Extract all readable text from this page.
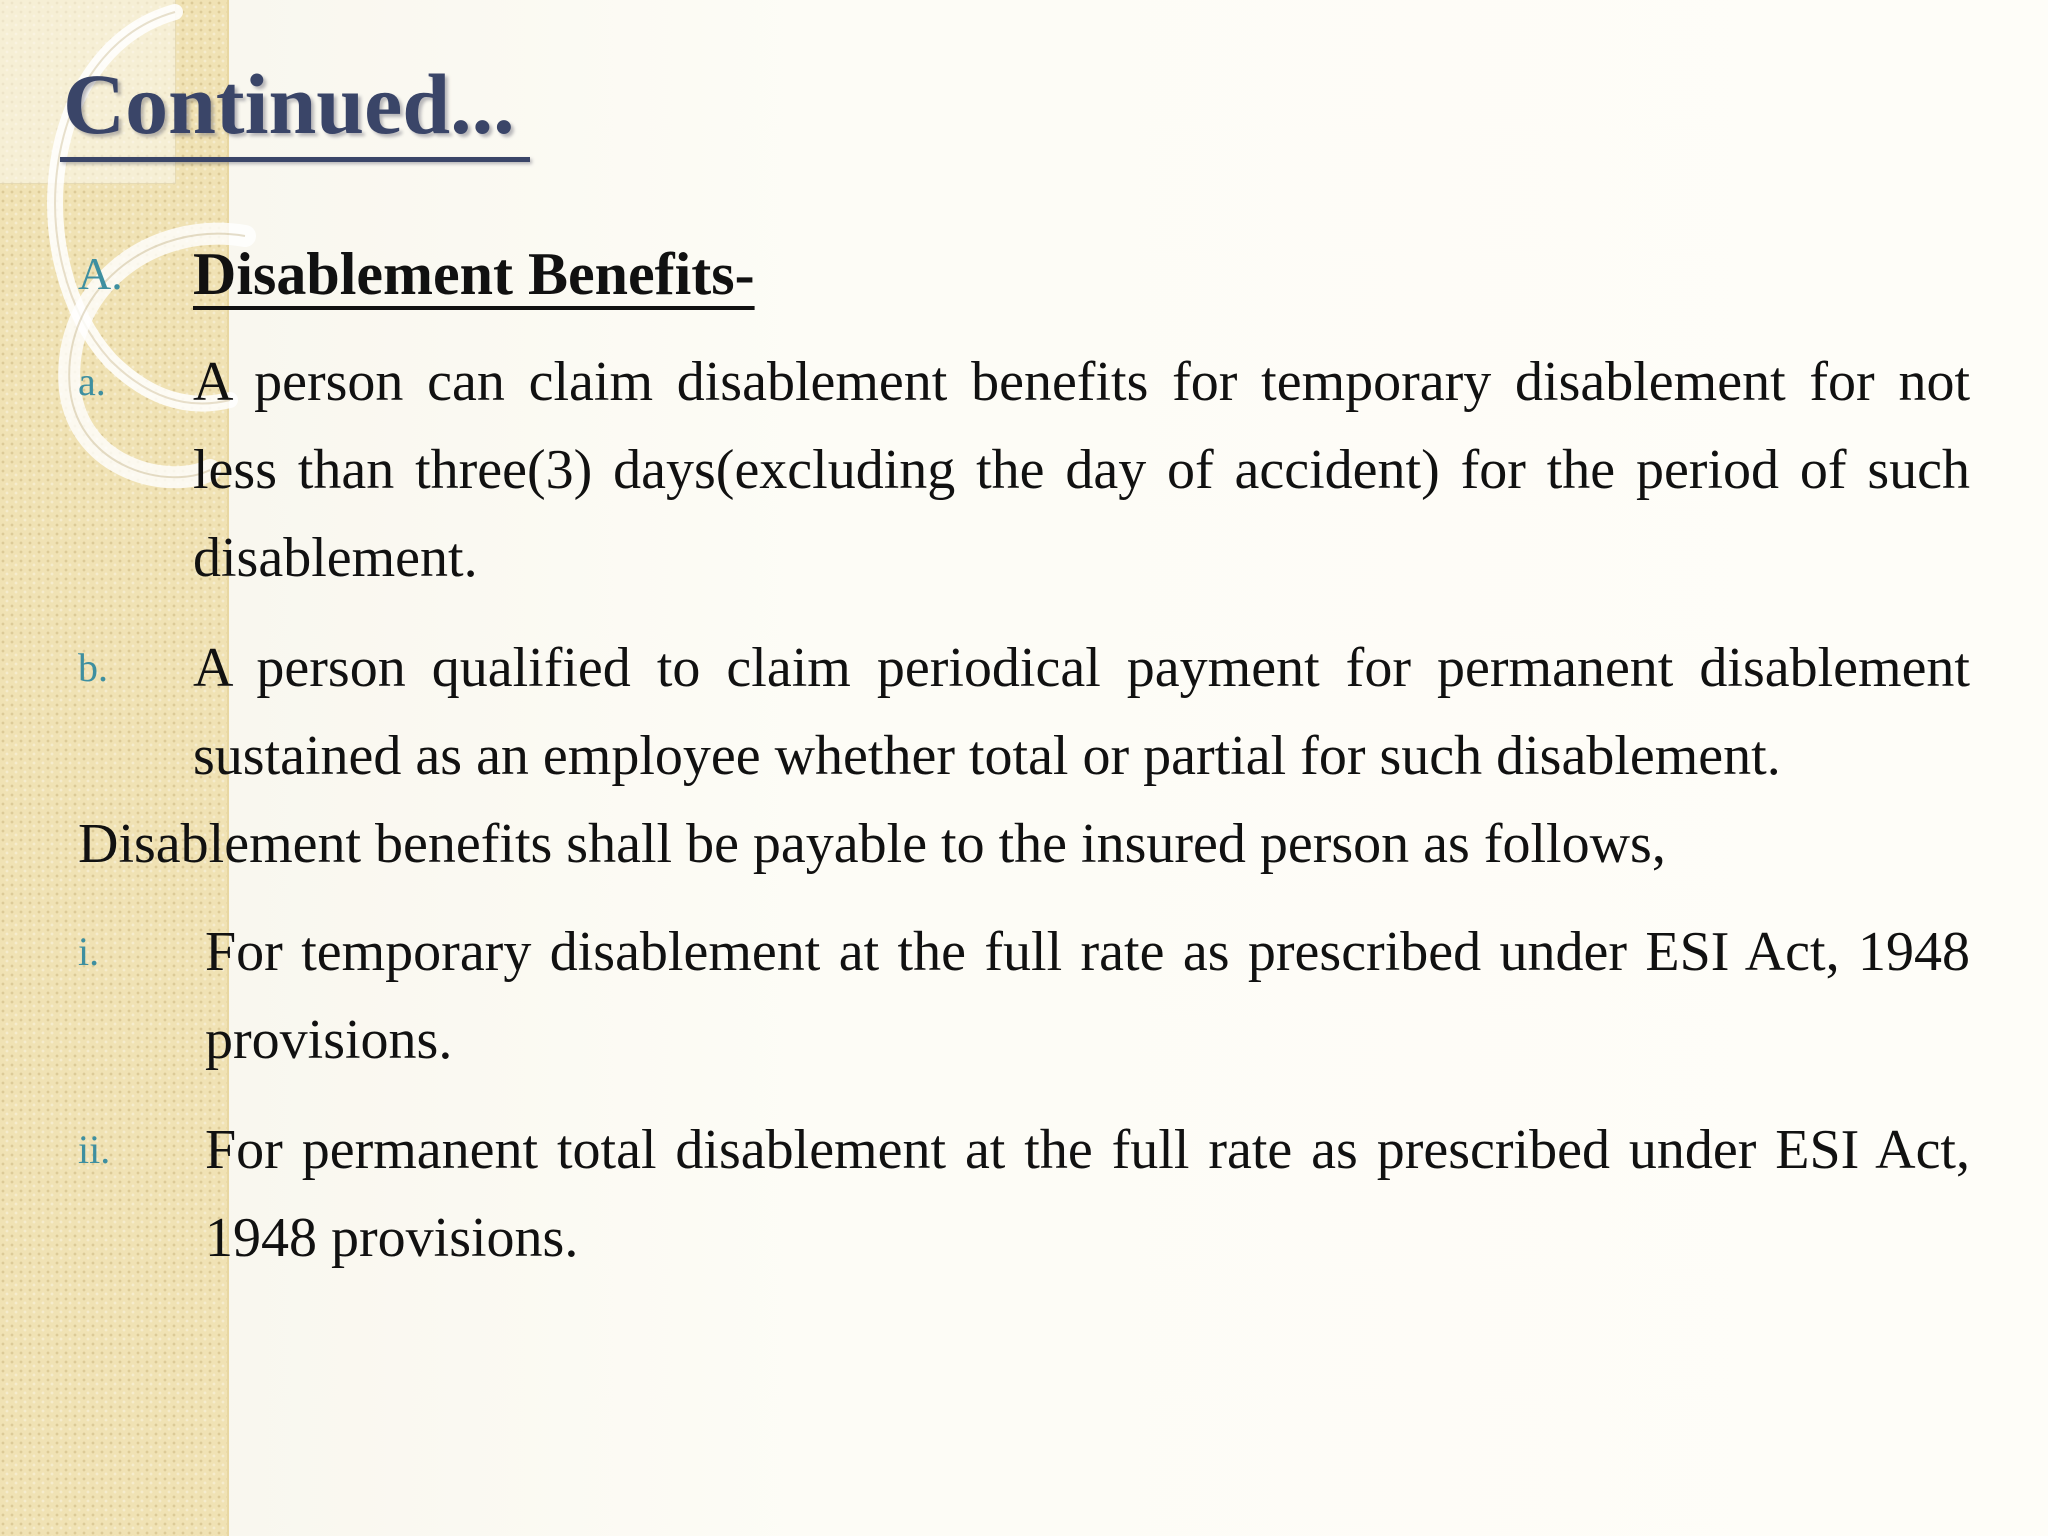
Continued...
A.	Disablement Benefits-
a.	A person can claim disablement benefits for temporary disablement for not less than three(3) days(excluding the day of accident) for the period of such disablement.
b.	A person qualified to claim periodical payment for permanent disablement sustained as an employee whether total or partial for such disablement.
Disablement benefits shall be payable to the insured person as follows,
i.	For temporary disablement at the full rate as prescribed under ESI Act, 1948 provisions.
ii.	For permanent total disablement at the full rate as prescribed under ESI Act, 1948 provisions.
